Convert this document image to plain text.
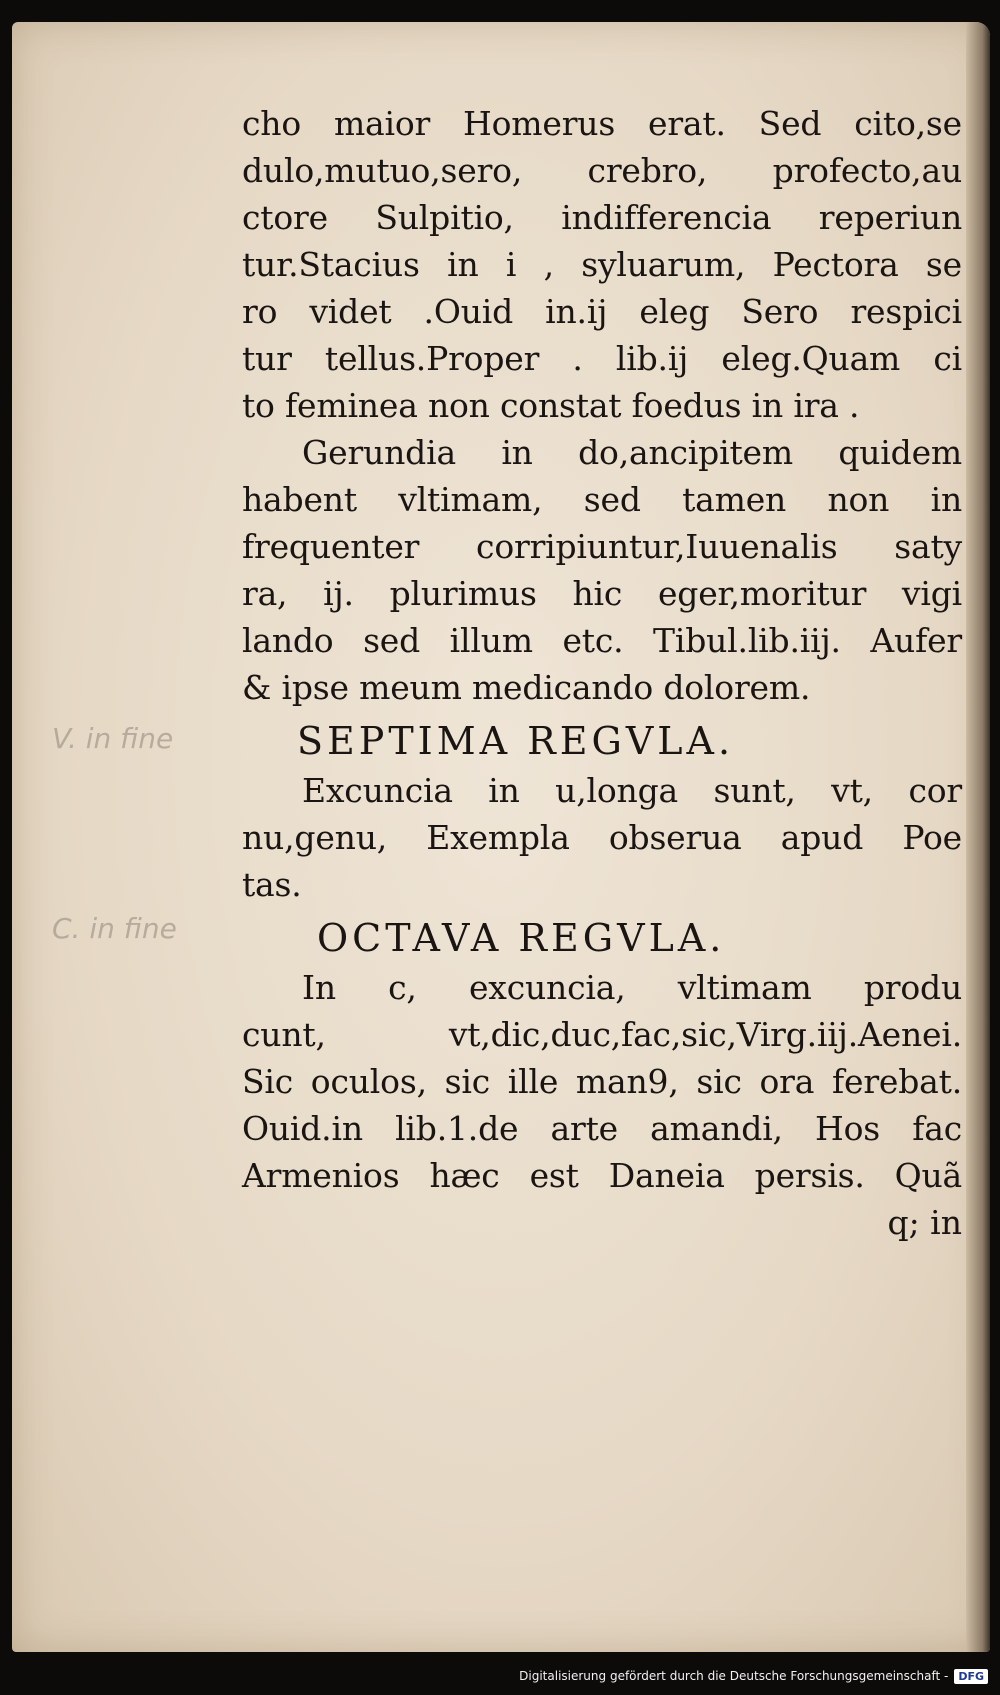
V. in fine
C. in fine
cho maior Homerus erat. Sed cito,se
dulo,mutuo,sero, crebro, profecto,au
ctore Sulpitio, indifferencia reperiun
tur.Stacius in i , syluarum, Pectora se
ro videt .Ouid in.ij eleg Sero respici
tur tellus.Proper . lib.ij eleg.Quam ci
to feminea non constat foedus in ira .
Gerundia in do,ancipitem quidem
habent vltimam, sed tamen non in
frequenter corripiuntur,Iuuenalis saty
ra, ij. plurimus hic eger,moritur vigi
lando sed illum etc. Tibul.lib.iij. Aufer
& ipse meum medicando dolorem.
SEPTIMA REGVLA.
Excuncia in u,longa sunt, vt, cor
nu,genu, Exempla obserua apud Poe
tas.
OCTAVA REGVLA.
In c, excuncia, vltimam produ
cunt, vt,dic,duc,fac,sic,Virg.iij.Aenei.
Sic oculos, sic ille man9, sic ora ferebat.
Ouid.in lib.1.de arte amandi, Hos fac
Armenios hæc est Daneia persis. Quã
q; in
Digitalisierung gefördert durch die Deutsche Forschungsgemeinschaft - DFG
